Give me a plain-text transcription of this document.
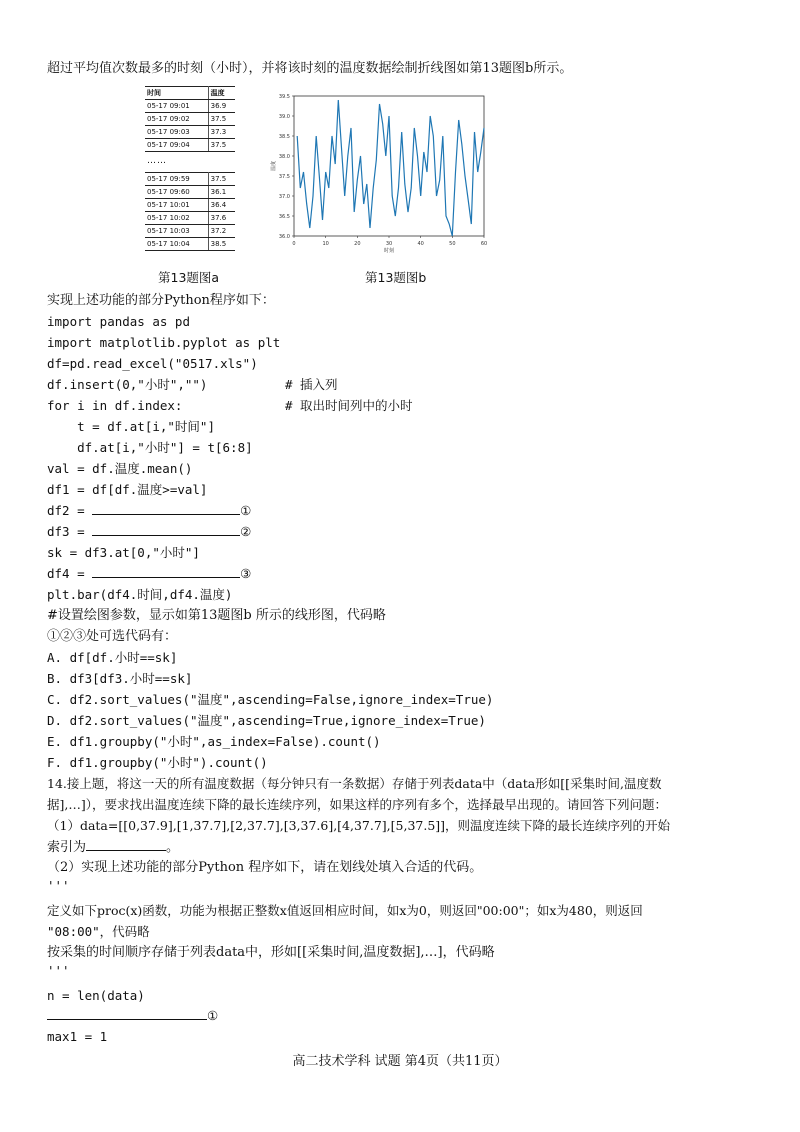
超过平均值次数最多的时刻（小时），并将该时刻的温度数据绘制折线图如第13题图b所示。
时间	温度
05-17 09:01	36.9
05-17 09:02	37.5
05-17 09:03	37.3
05-17 09:04	37.5
……
05-17 09:59	37.5
05-17 09:60	36.1
05-17 10:01	36.4
05-17 10:02	37.6
05-17 10:03	37.2
05-17 10:04	38.5
36.0
36.5
37.0
37.5
38.0
38.5
39.0
39.5
0	10	20	30	40	50	60
时刻
温度
第13题图a	第13题图b
实现上述功能的部分Python程序如下：
import pandas as pd
import matplotlib.pyplot as plt
df=pd.read_excel("0517.xls")
df.insert(0,"小时","")	# 插入列
for i in df.index:	# 取出时间列中的小时
t = df.at[i,"时间"]
df.at[i,"小时"] = t[6:8]
val = df.温度.mean()
df1 = df[df.温度>=val]
df2 =	①
df3 =	②
sk = df3.at[0,"小时"]
df4 =	③
plt.bar(df4.时间,df4.温度)
#设置绘图参数，显示如第13题图b 所示的线形图，代码略
①②③处可选代码有：
A. df[df.小时==sk]
B. df3[df3.小时==sk]
C. df2.sort_values("温度",ascending=False,ignore_index=True)
D. df2.sort_values("温度",ascending=True,ignore_index=True)
E. df1.groupby("小时",as_index=False).count()
F. df1.groupby("小时").count()
14.接上题，将这一天的所有温度数据（每分钟只有一条数据）存储于列表data中（data形如[[采集时间,温度数
据],…]），要求找出温度连续下降的最长连续序列，如果这样的序列有多个，选择最早出现的。请回答下列问题：
（1）data=[[0,37.9],[1,37.7],[2,37.7],[3,37.6],[4,37.7],[5,37.5]]，则温度连续下降的最长连续序列的开始
索引为	。
（2）实现上述功能的部分Python 程序如下，请在划线处填入合适的代码。
'''
定义如下proc(x)函数，功能为根据正整数x值返回相应时间，如x为0，则返回"00:00"；如x为480，则返回
"08:00"，代码略
按采集的时间顺序存储于列表data中，形如[[采集时间,温度数据],…]，代码略
'''
n = len(data)
①
max1 = 1
高二技术学科 试题 第4页（共11页）
